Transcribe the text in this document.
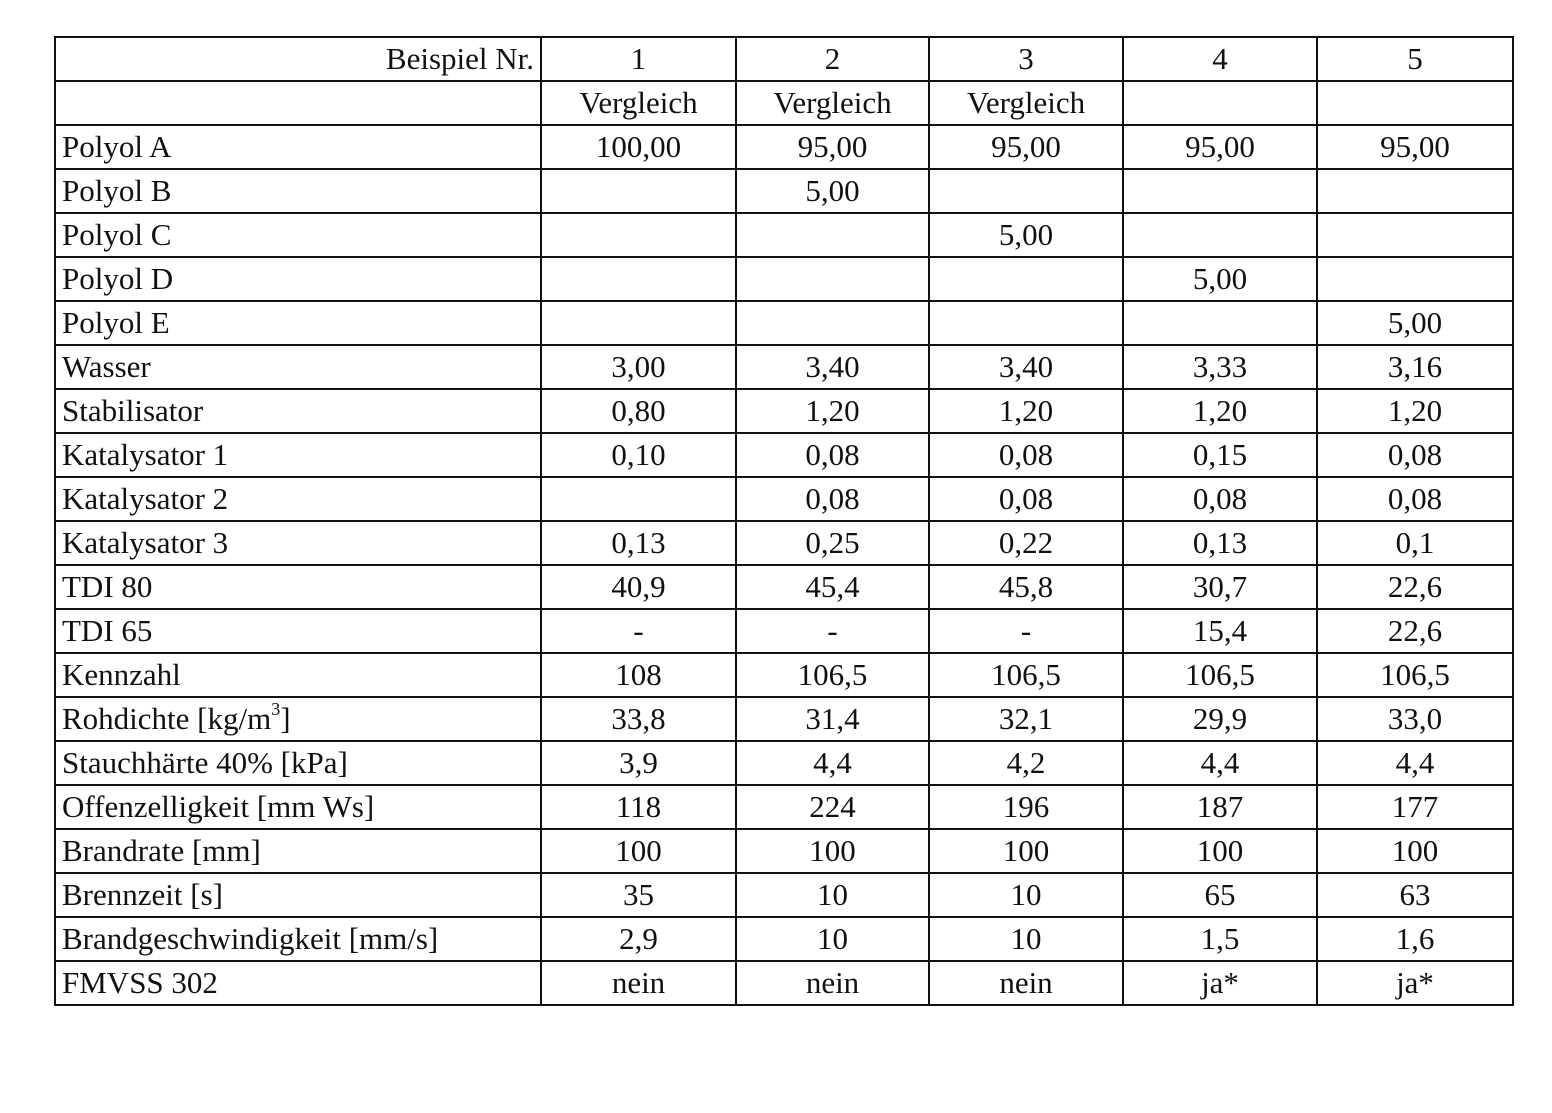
Beispiel Nr.	1	2	3	4	5
	Vergleich	Vergleich	Vergleich		
Polyol A	100,00	95,00	95,00	95,00	95,00
Polyol B		5,00			
Polyol C			5,00		
Polyol D				5,00	
Polyol E					5,00
Wasser	3,00	3,40	3,40	3,33	3,16
Stabilisator	0,80	1,20	1,20	1,20	1,20
Katalysator 1	0,10	0,08	0,08	0,15	0,08
Katalysator 2		0,08	0,08	0,08	0,08
Katalysator 3	0,13	0,25	0,22	0,13	0,1
TDI 80	40,9	45,4	45,8	30,7	22,6
TDI 65	-	-	-	15,4	22,6
Kennzahl	108	106,5	106,5	106,5	106,5
Rohdichte $[kg/m^3]$	33,8	31,4	32,1	29,9	33,0
Stauchhärte 40% [kPa]	3,9	4,4	4,2	4,4	4,4
Offenzelligkeit [mm Ws]	118	224	196	187	177
Brandrate [mm]	100	100	100	100	100
Brennzeit [s]	35	10	10	65	63
Brandgeschwindigkeit [mm/s]	2,9	10	10	1,5	1,6
FMVSS 302	nein	nein	nein	ja*	ja*
